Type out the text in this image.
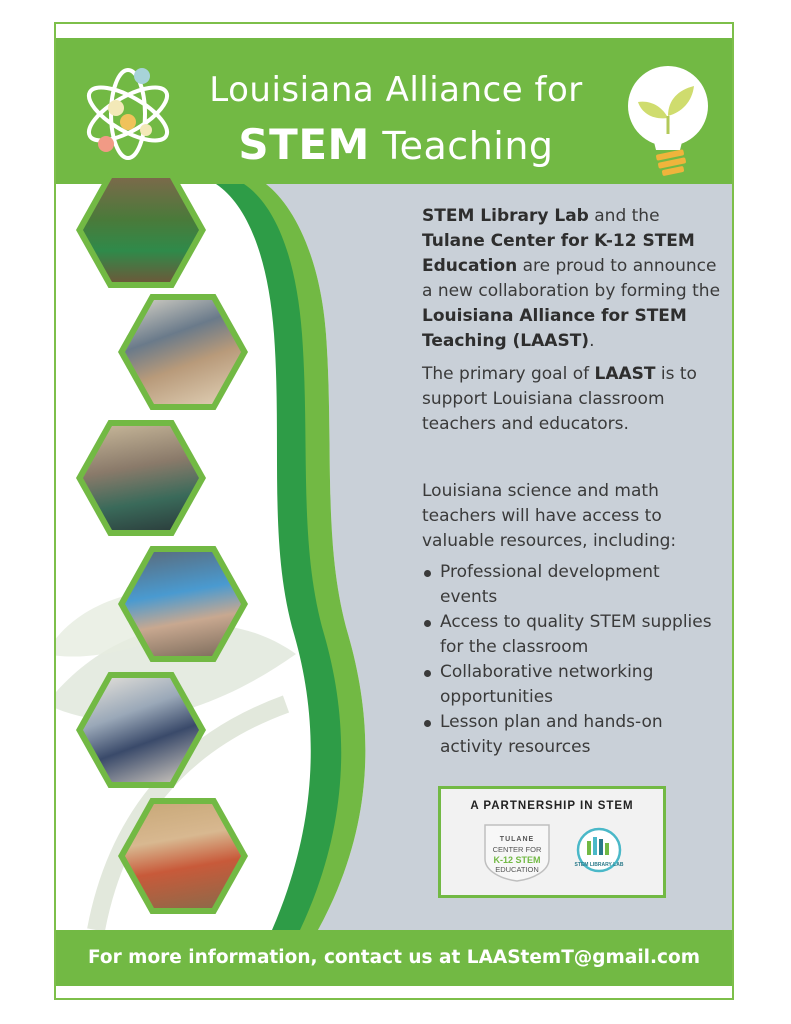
Louisiana Alliance for
STEM Teaching

STEM Library Lab and the Tulane Center for K-12 STEM Education are proud to announce a new collaboration by forming the Louisiana Alliance for STEM Teaching (LAAST).

The primary goal of LAAST is to support Louisiana classroom teachers and educators.

Louisiana science and math teachers will have access to valuable resources, including:

Professional development events
Access to quality STEM supplies for the classroom
Collaborative networking opportunities
Lesson plan and hands-on activity resources
A PARTNERSHIP IN STEM
TULANE
CENTER FOR
K-12 STEM
EDUCATION	STEM LIBRARY LAB
For more information, contact us at LAAStemT@gmail.com
